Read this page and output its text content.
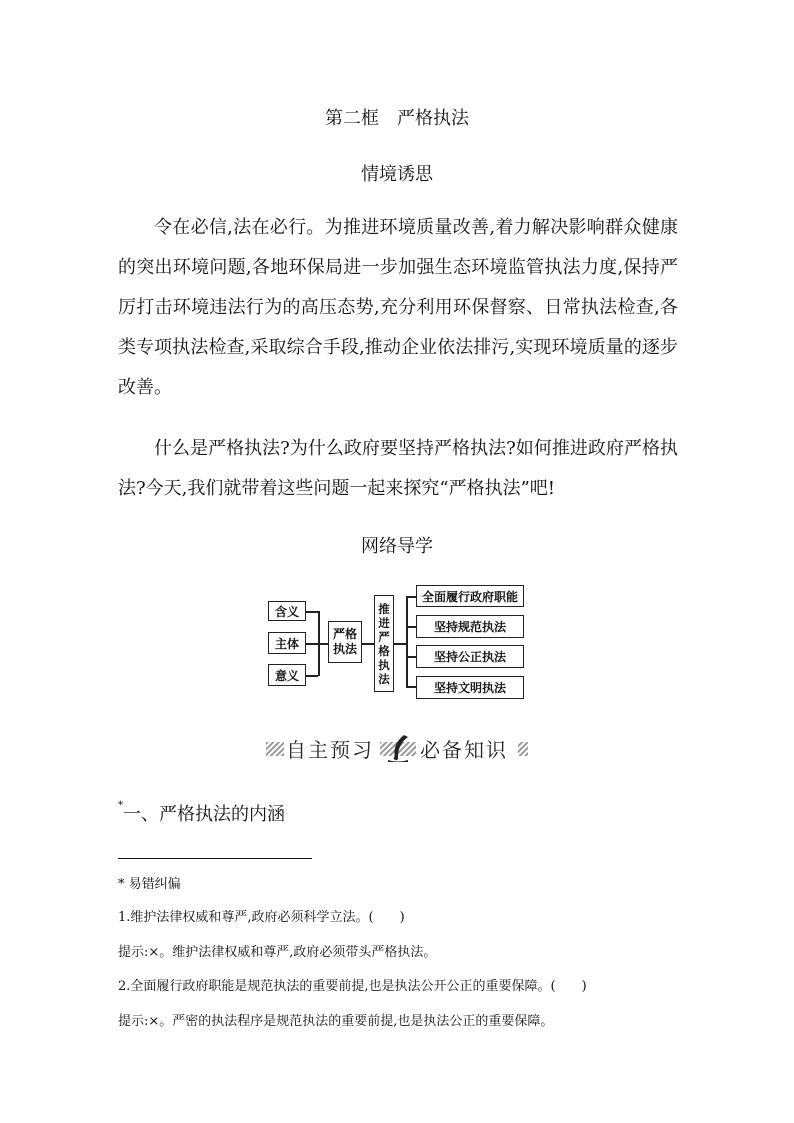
第二框　严格执法
情境诱思

令在必信,法在必行。为推进环境质量改善,着力解决影响群众健康的突出环境问题,各地环保局进一步加强生态环境监管执法力度,保持严厉打击环境违法行为的高压态势,充分利用环保督察、日常执法检查,各类专项执法检查,采取综合手段,推动企业依法排污,实现环境质量的逐步改善。

什么是严格执法?为什么政府要坚持严格执法?如何推进政府严格执法?今天,我们就带着这些问题一起来探究“严格执法”吧!

网络导学
含义
主体
意义
严格
执法
推
进
严
格
执
法
全面履行政府职能
坚持规范执法
坚持公正执法
坚持文明执法
自主预习 必备知识
*一、严格执法的内涵
* 易错纠偏
1.维护法律权威和尊严,政府必须科学立法。(　　)
提示:×。维护法律权威和尊严,政府必须带头严格执法。
2.全面履行政府职能是规范执法的重要前提,也是执法公开公正的重要保障。(　　)
提示:×。严密的执法程序是规范执法的重要前提,也是执法公正的重要保障。
